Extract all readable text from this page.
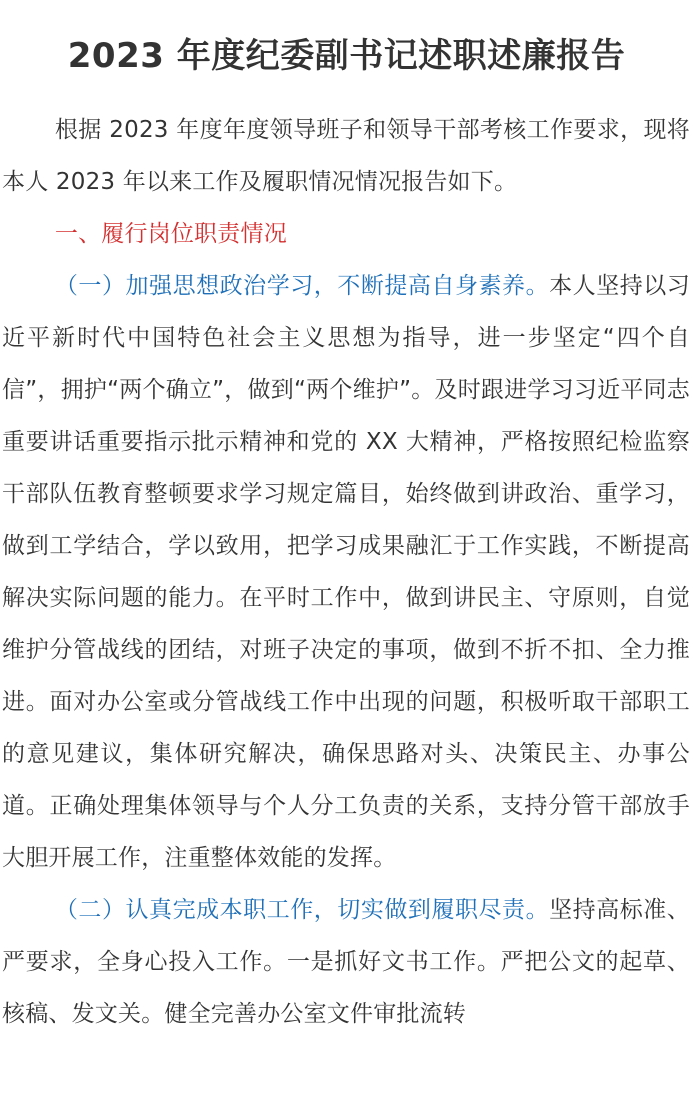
2023 年度纪委副书记述职述廉报告

根据 2023 年度年度领导班子和领导干部考核工作要求，现将本人 2023 年以来工作及履职情况情况报告如下。

一、履行岗位职责情况

（一）加强思想政治学习，不断提高自身素养。本人坚持以习近平新时代中国特色社会主义思想为指导，进一步坚定“四个自信”，拥护“两个确立”，做到“两个维护”。及时跟进学习习近平同志重要讲话重要指示批示精神和党的 XX 大精神，严格按照纪检监察干部队伍教育整顿要求学习规定篇目，始终做到讲政治、重学习，做到工学结合，学以致用，把学习成果融汇于工作实践，不断提高解决实际问题的能力。在平时工作中，做到讲民主、守原则，自觉维护分管战线的团结，对班子决定的事项，做到不折不扣、全力推进。面对办公室或分管战线工作中出现的问题，积极听取干部职工的意见建议，集体研究解决，确保思路对头、决策民主、办事公道。正确处理集体领导与个人分工负责的关系，支持分管干部放手大胆开展工作，注重整体效能的发挥。

（二）认真完成本职工作，切实做到履职尽责。坚持高标准、严要求，全身心投入工作。一是抓好文书工作。严把公文的起草、核稿、发文关。健全完善办公室文件审批流转
